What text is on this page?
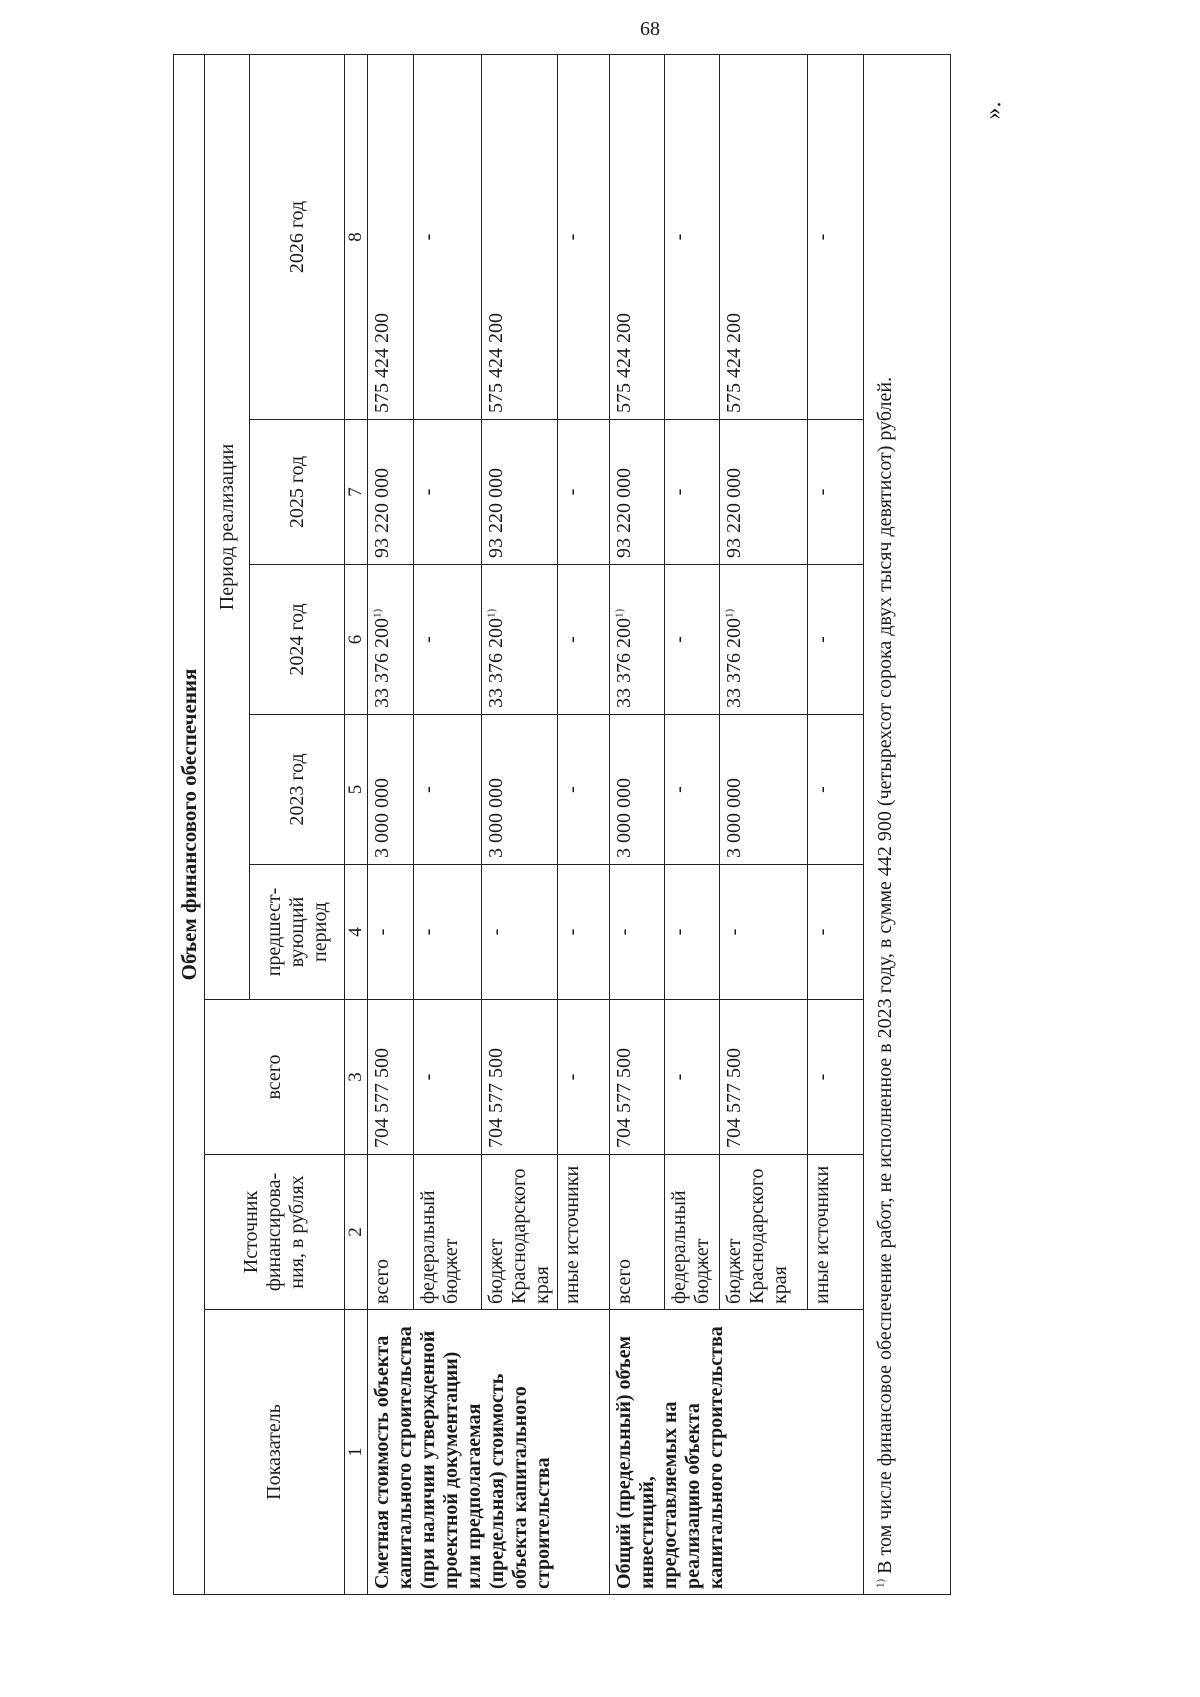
68
».
Объем финансового обеспечения							
Показатель	Источник финансирова-ния, в рублях	всего	Период реализации				
			предшест-вующий период	2023 год	2024 год	2025 год	2026 год
1	2	3	4	5	6	7	8
Сметная стоимость объекта капитального строительства (при наличии утвержденной проектной документации) или предполагаемая (предельная) стоимость объекта капитального строительства	всего	704 577 500	-	3 000 000	33 376 200$^{1)}$	93 220 000	575 424 200
	федеральный бюджет	-	-	-	-	-	-
	бюджет Краснодарского края	704 577 500	-	3 000 000	33 376 200$^{1)}$	93 220 000	575 424 200
	иные источники	-	-	-	-	-	-
Общий (предельный) объем инвестиций, предоставляемых на реализацию объекта капитального строительства	всего	704 577 500	-	3 000 000	33 376 200$^{1)}$	93 220 000	575 424 200
	федеральный бюджет	-	-	-	-	-	-
	бюджет Краснодарского края	704 577 500	-	3 000 000	33 376 200$^{1)}$	93 220 000	575 424 200
	иные источники	-	-	-	-	-	-
$^{1)}$ В том числе финансовое обеспечение работ, не исполненное в 2023 году, в сумме 442 900 (четырехсот сорока двух тысяч девятисот) рублей.							
